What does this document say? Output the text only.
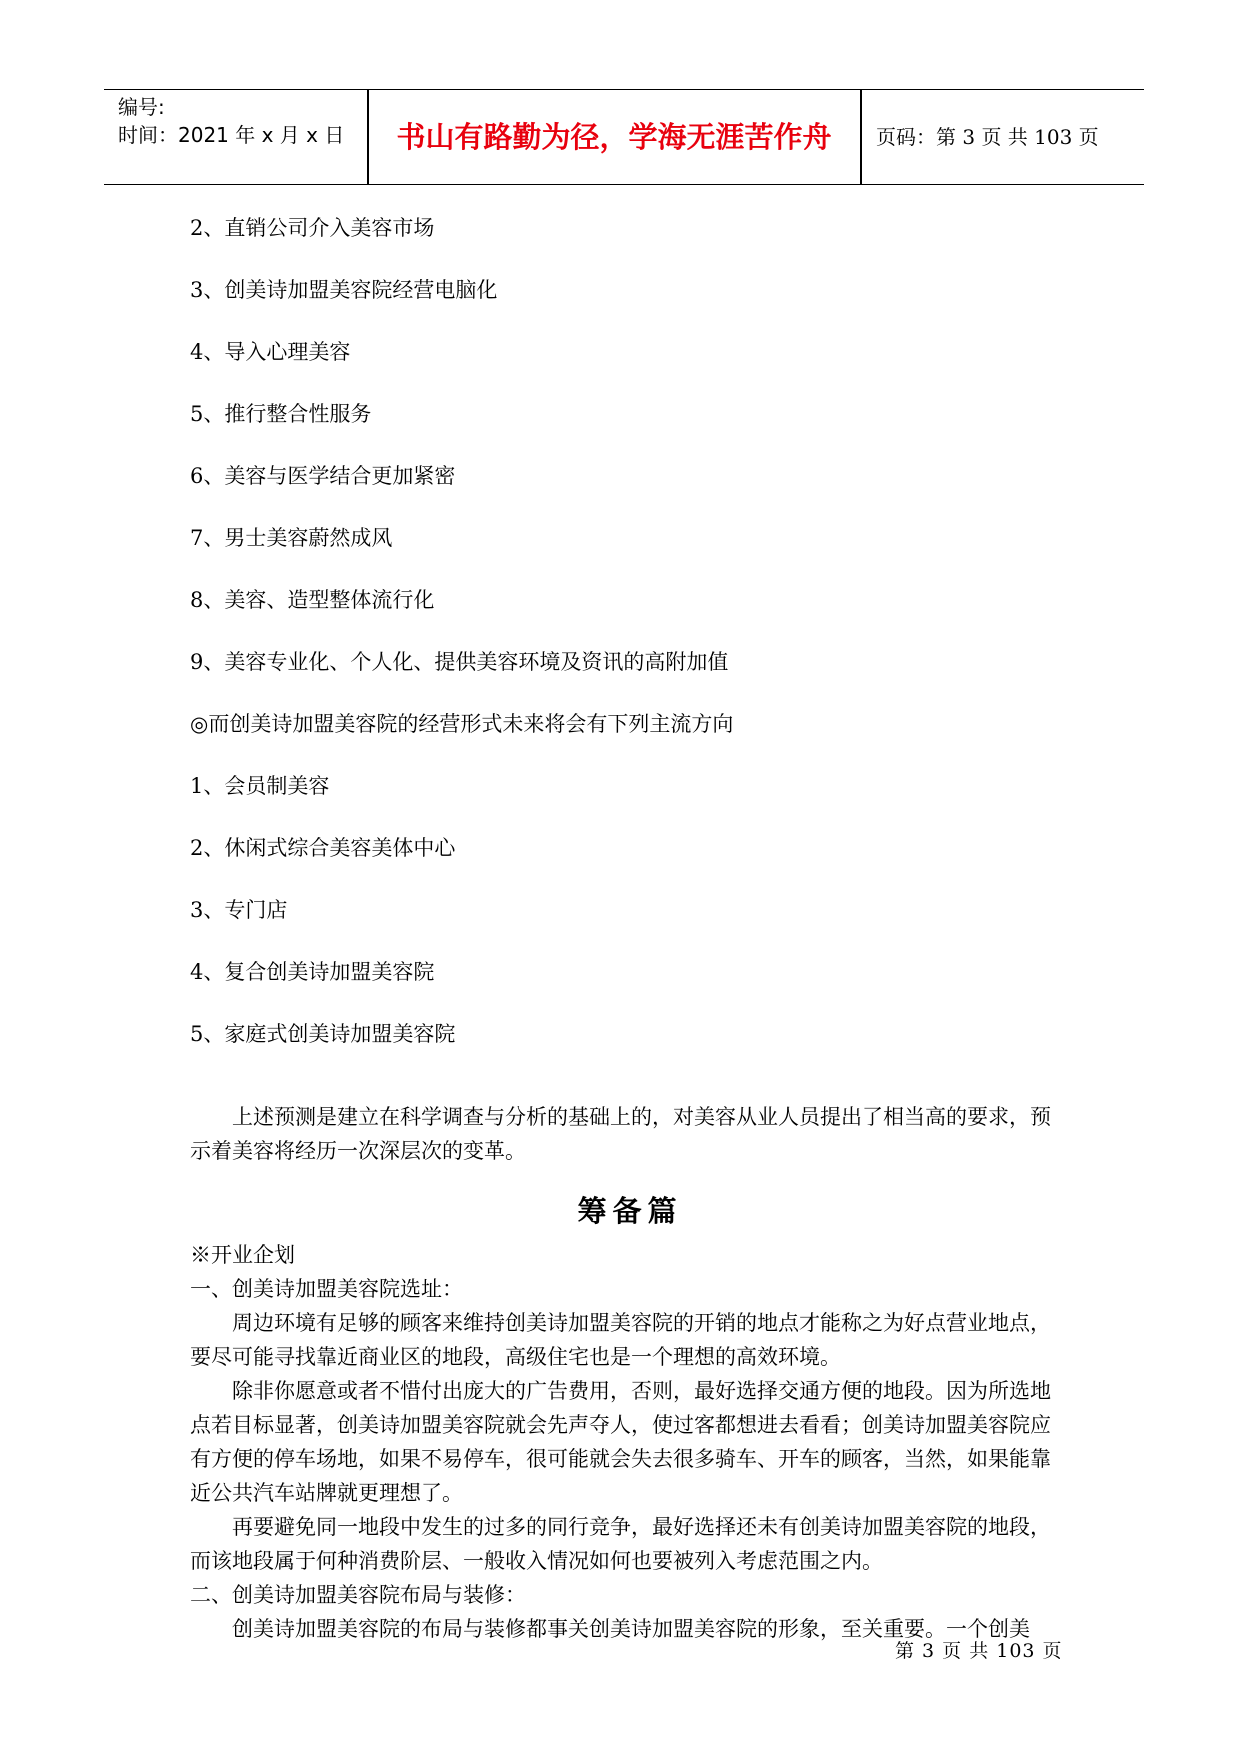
编号:
时间：2021 年 x 月 x 日	书山有路勤为径，学海无涯苦作舟	页码：第 3 页 共 103 页

2、直销公司介入美容市场

3、创美诗加盟美容院经营电脑化

4、导入心理美容

5、推行整合性服务

6、美容与医学结合更加紧密

7、男士美容蔚然成风

8、美容、造型整体流行化

9、美容专业化、个人化、提供美容环境及资讯的高附加值

◎而创美诗加盟美容院的经营形式未来将会有下列主流方向

1、会员制美容

2、休闲式综合美容美体中心

3、专门店

4、复合创美诗加盟美容院

5、家庭式创美诗加盟美容院

上述预测是建立在科学调查与分析的基础上的，对美容从业人员提出了相当高的要求，预示着美容将经历一次深层次的变革。

筹备篇

※开业企划

一、创美诗加盟美容院选址：

周边环境有足够的顾客来维持创美诗加盟美容院的开销的地点才能称之为好点营业地点，要尽可能寻找靠近商业区的地段，高级住宅也是一个理想的高效环境。

除非你愿意或者不惜付出庞大的广告费用，否则，最好选择交通方便的地段。因为所选地点若目标显著，创美诗加盟美容院就会先声夺人，使过客都想进去看看；创美诗加盟美容院应有方便的停车场地，如果不易停车，很可能就会失去很多骑车、开车的顾客，当然，如果能靠近公共汽车站牌就更理想了。

再要避免同一地段中发生的过多的同行竞争，最好选择还未有创美诗加盟美容院的地段，而该地段属于何种消费阶层、一般收入情况如何也要被列入考虑范围之内。

二、创美诗加盟美容院布局与装修：

创美诗加盟美容院的布局与装修都事关创美诗加盟美容院的形象，至关重要。一个创美

第 3 页 共 103 页
